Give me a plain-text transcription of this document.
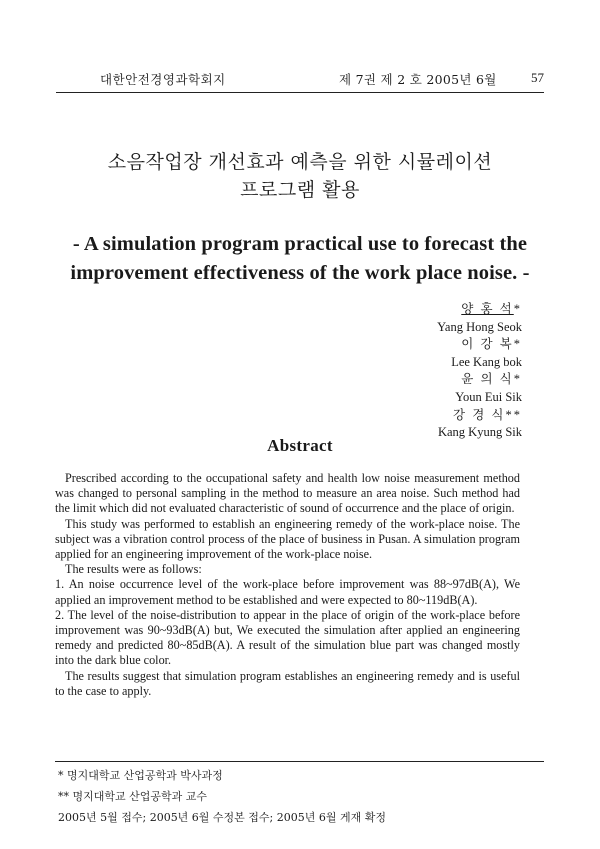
대한안전경영과학회지	제 7권 제 2 호 2005년 6월	57
소음작업장 개선효과 예측을 위한 시뮬레이션
프로그램 활용
- A simulation program practical use to forecast the
improvement effectiveness of the work place noise. -
양 홍 석*
Yang Hong Seok
이 강 복*
Lee Kang bok
윤 의 식*
Youn Eui Sik
강 경 식**
Kang Kyung Sik
Abstract

Prescribed according to the occupational safety and health low noise measurement method was changed to personal sampling in the method to measure an area noise. Such method had the limit which did not evaluated characteristic of sound of occurrence and the place of origin.

This study was performed to establish an engineering remedy of the work-place noise. The subject was a vibration control process of the place of business in Pusan. A simulation program applied for an engineering improvement of the work-place noise.

The results were as follows:

1. An noise occurrence level of the work-place before improvement was 88~97dB(A), We applied an improvement method to be established and were expected to 80~119dB(A).

2. The level of the noise-distribution to appear in the place of origin of the work-place before improvement was 90~93dB(A) but, We executed the simulation after applied an engineering remedy and predicted 80~85dB(A). A result of the simulation blue part was changed mostly into the dark blue color.

The results suggest that simulation program establishes an engineering remedy and is useful to the case to apply.

* 명지대학교 산업공학과 박사과정
** 명지대학교 산업공학과 교수
2005년 5월 접수; 2005년 6월 수정본 접수; 2005년 6월 게재 확정
